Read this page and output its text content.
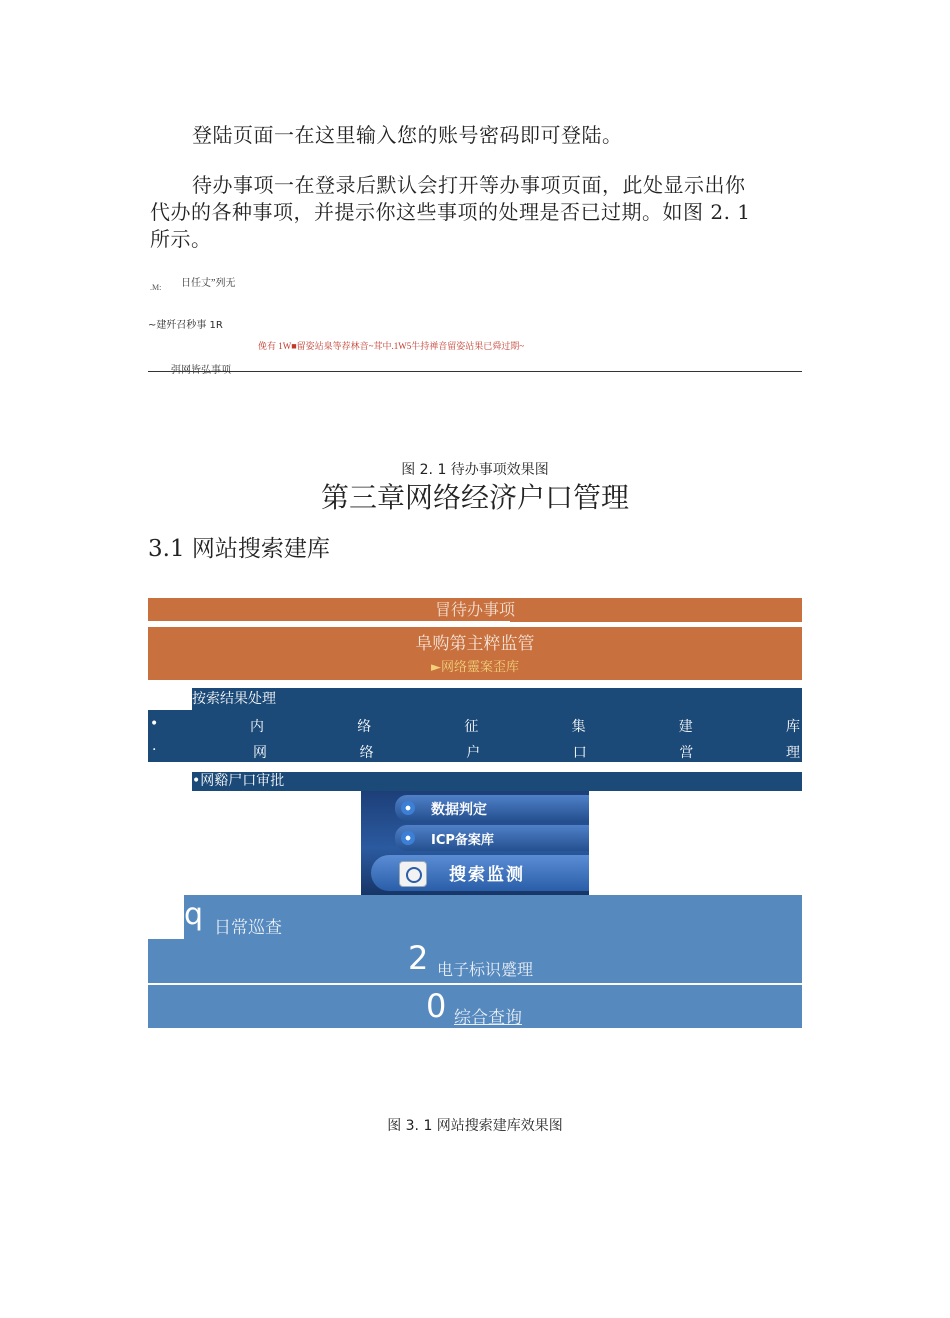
登陆页面一在这里输入您的账号密码即可登陆。
待办事项一在登录后默认会打开等办事项页面，此处显示出你
代办的各种事项，并提示你这些事项的处理是否已过期。如图 2. 1
所示。
日任丈”列无
.M:
~建歼召秒事 1R
俛有 1W■留姿站臬等荐林音~茸中.1W5牛持禅音留姿站果已舜过期~
图 2. 1 待办事项效果图
第三章网络经济户口管理
3.1 网站搜索建库
冒待办事项
阜购第主粹监管
►网络靈案歪库
按索结果处理
•	内	络	征	集	建	库
·	网	络	户	口	営	理
•网谿尸口审批
数据判定
ICP备案库
搜索监测
q 日常巡查
2 电子标识蹙理
0 综合查询
图 3. 1 网站搜索建库效果图
